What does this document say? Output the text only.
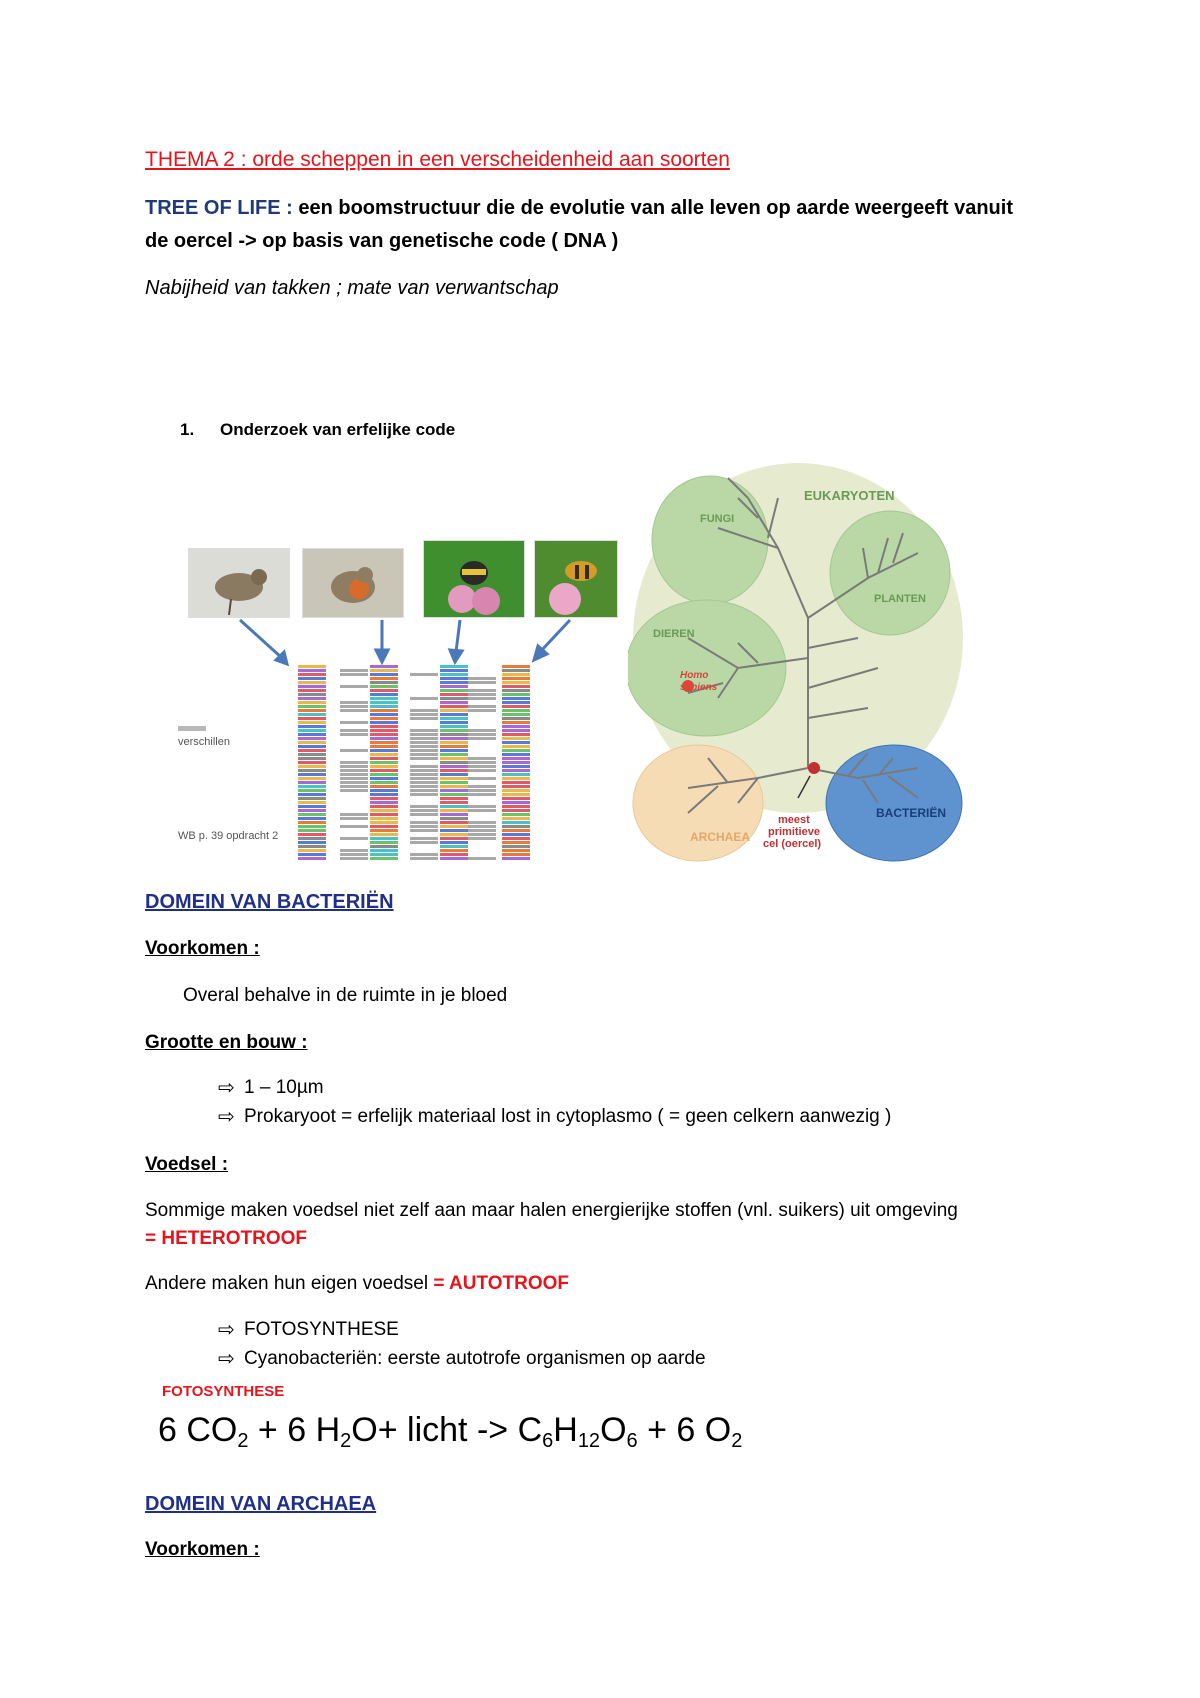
THEMA 2 : orde scheppen in een verscheidenheid aan soorten
TREE OF LIFE : een boomstructuur die de evolutie van alle leven op aarde weergeeft vanuit
de oercel -> op basis van genetische code ( DNA )
Nabijheid van takken ; mate van verwantschap
1. Onderzoek van erfelijke code
verschillen
WB p. 39 opdracht 2
EUKARYOTEN
FUNGI
PLANTEN
DIEREN
Homo
sapiens
ARCHAEA
BACTERIËN
meest
primitieve
cel (oercel)
DOMEIN VAN BACTERIËN
Voorkomen :
Overal behalve in de ruimte in je bloed
Grootte en bouw :
⇨ 1 – 10µm
⇨ Prokaryoot = erfelijk materiaal lost in cytoplasmo ( = geen celkern aanwezig )
Voedsel :
Sommige maken voedsel niet zelf aan maar halen energierijke stoffen (vnl. suikers) uit omgeving
= HETEROTROOF
Andere maken hun eigen voedsel = AUTOTROOF
⇨ FOTOSYNTHESE
⇨ Cyanobacteriën: eerste autotrofe organismen op aarde
FOTOSYNTHESE
6 $CO_2 + 6$ $H_2O+$ licht -> $C_6H_{12}O_6 + 6$ $O_2$
DOMEIN VAN ARCHAEA
Voorkomen :
